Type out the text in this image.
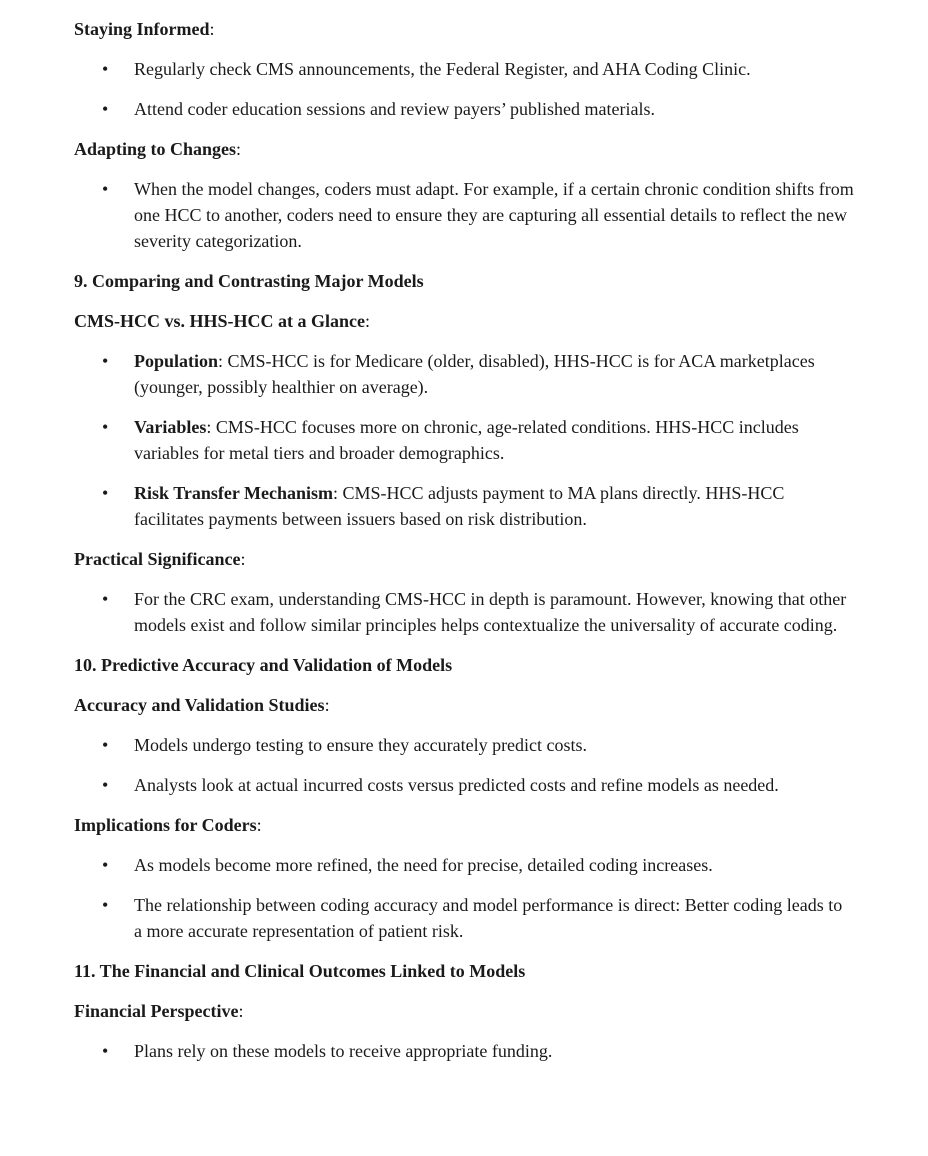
Staying Informed:
• Regularly check CMS announcements, the Federal Register, and AHA Coding Clinic.
• Attend coder education sessions and review payers’ published materials.
Adapting to Changes:
• When the model changes, coders must adapt. For example, if a certain chronic condition shifts from one HCC to another, coders need to ensure they are capturing all essential details to reflect the new severity categorization.
9. Comparing and Contrasting Major Models
CMS-HCC vs. HHS-HCC at a Glance:
• Population: CMS-HCC is for Medicare (older, disabled), HHS-HCC is for ACA marketplaces (younger, possibly healthier on average).
• Variables: CMS-HCC focuses more on chronic, age-related conditions. HHS-HCC includes variables for metal tiers and broader demographics.
• Risk Transfer Mechanism: CMS-HCC adjusts payment to MA plans directly. HHS-HCC facilitates payments between issuers based on risk distribution.
Practical Significance:
• For the CRC exam, understanding CMS-HCC in depth is paramount. However, knowing that other models exist and follow similar principles helps contextualize the universality of accurate coding.
10. Predictive Accuracy and Validation of Models
Accuracy and Validation Studies:
• Models undergo testing to ensure they accurately predict costs.
• Analysts look at actual incurred costs versus predicted costs and refine models as needed.
Implications for Coders:
• As models become more refined, the need for precise, detailed coding increases.
• The relationship between coding accuracy and model performance is direct: Better coding leads to a more accurate representation of patient risk.
11. The Financial and Clinical Outcomes Linked to Models
Financial Perspective:
• Plans rely on these models to receive appropriate funding.
